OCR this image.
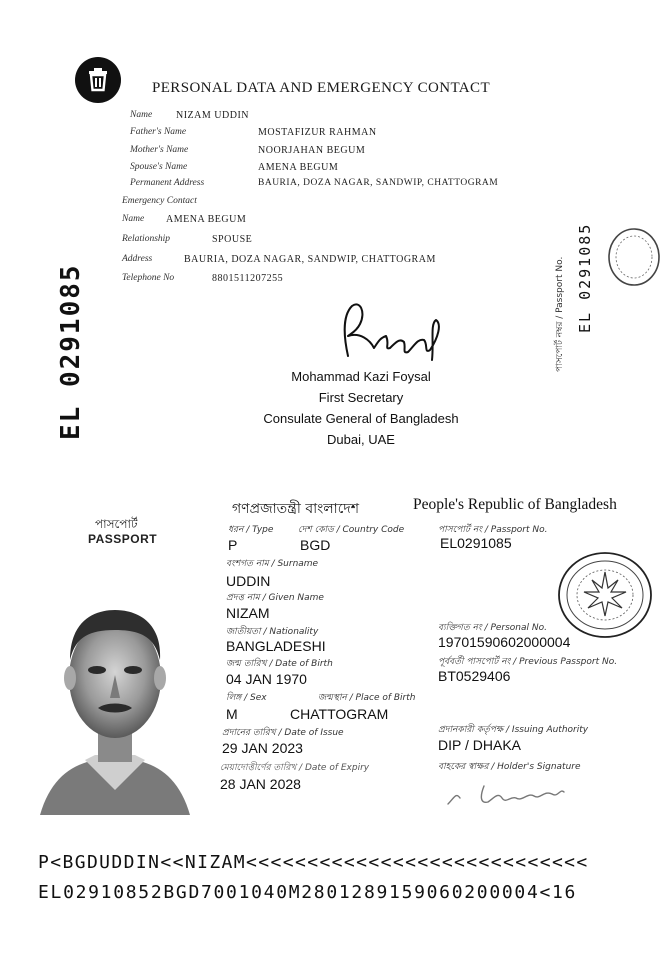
EL 0291085
PERSONAL DATA AND EMERGENCY CONTACT
Name NIZAM UDDIN
Father's Name	MOSTAFIZUR RAHMAN
Mother's Name	NOORJAHAN BEGUM
Spouse's Name	AMENA BEGUM
Permanent Address	BAURIA, DOZA NAGAR, SANDWIP, CHATTOGRAM
Emergency Contact
Name AMENA BEGUM
Relationship	SPOUSE
Address	BAURIA, DOZA NAGAR, SANDWIP, CHATTOGRAM
Telephone No	8801511207255
Mohammad Kazi Foysal
First Secretary
Consulate General of Bangladesh
Dubai, UAE
পাসপোর্ট নম্বর / Passport No. EL 0291085
পাসপোর্ট
PASSPORT
গণপ্রজাতন্ত্রী বাংলাদেশ	People's Republic of Bangladesh
ধরন / Type	দেশ কোড / Country Code	পাসপোর্ট নং / Passport No.
P	BGD	EL0291085
বংশগত নাম / Surname
UDDIN
প্রদত্ত নাম / Given Name
NIZAM
জাতীয়তা / Nationality
BANGLADESHI
ব্যক্তিগত নং / Personal No.
19701590602000004
জন্ম তারিখ / Date of Birth
04 JAN 1970
পূর্ববর্তী পাসপোর্ট নং / Previous Passport No.
BT0529406
লিঙ্গ / Sex	জন্মস্থান / Place of Birth
M	CHATTOGRAM
প্রদানের তারিখ / Date of Issue
29 JAN 2023
প্রদানকারী কর্তৃপক্ষ / Issuing Authority
DIP / DHAKA
মেয়াদোত্তীর্ণের তারিখ / Date of Expiry
28 JAN 2028
বাহকের স্বাক্ষর / Holder's Signature
P<BGDUDDIN<<NIZAM<<<<<<<<<<<<<<<<<<<<<<<<<<<<
EL02910852BGD7001040M2801289159060200004<16
